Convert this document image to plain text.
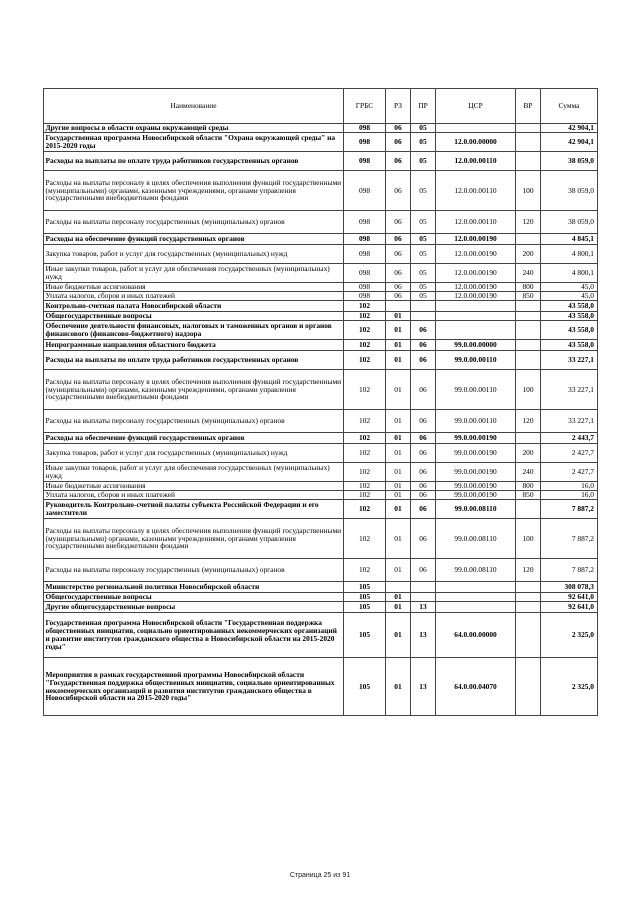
Наименование	ГРБС	РЗ	ПР	ЦСР	ВР	Сумма
Другие вопросы в области охраны окружающей среды	098	06	05			42 904,1
Государственная программа Новосибирской области "Охрана окружающей среды" на 2015-2020 годы	098	06	05	12.0.00.00000		42 904,1
Расходы на выплаты по оплате труда работников государственных органов	098	06	05	12.0.00.00110		38 059,0
Расходы на выплаты персоналу в целях обеспечения выполнения функций государственными (муниципальными) органами, казенными учреждениями, органами управления государственными внебюджетными фондами	098	06	05	12.0.00.00110	100	38 059,0
Расходы на выплаты персоналу государственных (муниципальных) органов	098	06	05	12.0.00.00110	120	38 059,0
Расходы на обеспечение функций государственных органов	098	06	05	12.0.00.00190		4 845,1
Закупка товаров, работ и услуг для государственных (муниципальных) нужд	098	06	05	12.0.00.00190	200	4 800,1
Иные закупки товаров, работ и услуг для обеспечения государственных (муниципальных) нужд	098	06	05	12.0.00.00190	240	4 800,1
Иные бюджетные ассигнования	098	06	05	12.0.00.00190	800	45,0
Уплата налогов, сборов и иных платежей	098	06	05	12.0.00.00190	850	45,0
Контрольно-счетная палата Новосибирской области	102					43 558,0
Общегосударственные вопросы	102	01				43 558,0
Обеспечение деятельности финансовых, налоговых и таможенных органов и органов финансового (финансово-бюджетного) надзора	102	01	06			43 558,0
Непрограммные направления областного бюджета	102	01	06	99.0.00.00000		43 558,0
Расходы на выплаты по оплате труда работников государственных органов	102	01	06	99.0.00.00110		33 227,1
Расходы на выплаты персоналу в целях обеспечения выполнения функций государственными (муниципальными) органами, казенными учреждениями, органами управления государственными внебюджетными фондами	102	01	06	99.0.00.00110	100	33 227,1
Расходы на выплаты персоналу государственных (муниципальных) органов	102	01	06	99.0.00.00110	120	33 227,1
Расходы на обеспечение функций государственных органов	102	01	06	99.0.00.00190		2 443,7
Закупка товаров, работ и услуг для государственных (муниципальных) нужд	102	01	06	99.0.00.00190	200	2 427,7
Иные закупки товаров, работ и услуг для обеспечения государственных (муниципальных) нужд	102	01	06	99.0.00.00190	240	2 427,7
Иные бюджетные ассигнования	102	01	06	99.0.00.00190	800	16,0
Уплата налогов, сборов и иных платежей	102	01	06	99.0.00.00190	850	16,0
Руководитель Контрольно-счетной палаты субъекта Российской Федерации и его заместители	102	01	06	99.0.00.08110		7 887,2
Расходы на выплаты персоналу в целях обеспечения выполнения функций государственными (муниципальными) органами, казенными учреждениями, органами управления государственными внебюджетными фондами	102	01	06	99.0.00.08110	100	7 887,2
Расходы на выплаты персоналу государственных (муниципальных) органов	102	01	06	99.0.00.08110	120	7 887,2
Министерство региональной политики Новосибирской области	105					308 078,3
Общегосударственные вопросы	105	01				92 641,0
Другие общегосударственные вопросы	105	01	13			92 641,0
Государственная программа Новосибирской области "Государственная поддержка общественных инициатив, социально ориентированных некоммерческих организаций и развитие институтов гражданского общества в Новосибирской области на 2015-2020 годы"	105	01	13	64.0.00.00000		2 325,0
Мероприятия в рамках государственной программы Новосибирской области "Государственная поддержка общественных инициатив, социально ориентированных некоммерческих организаций и развития институтов гражданского общества в Новосибирской области на 2015-2020 годы"	105	01	13	64.0.00.04070		2 325,0
Страница 25 из 91
